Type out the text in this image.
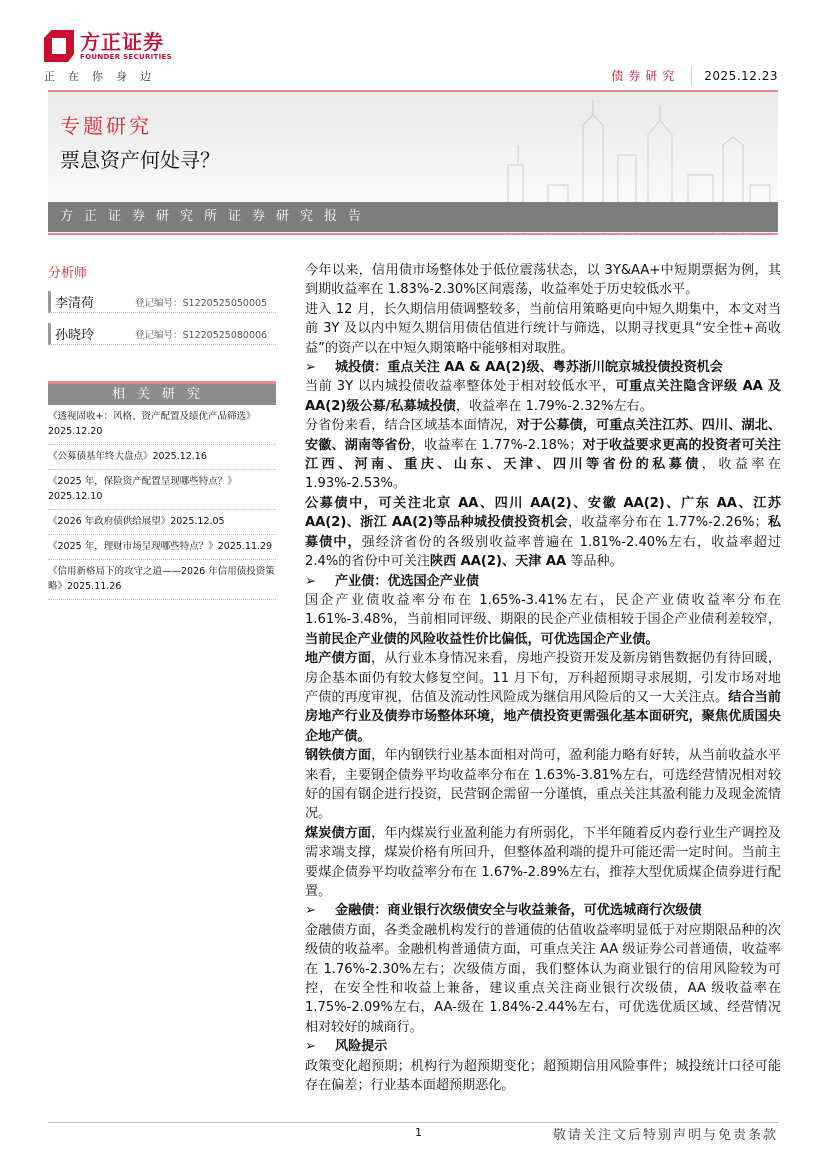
方正证券
FOUNDER SECURITIES
正在你身边	债券研究	2025.12.23
专题研究
票息资产何处寻？
方正证券研究所证券研究报告
分析师
李清荷	登记编号：S1220525050005
孙晓玲	登记编号：S1220525080006
相关研究
《透视固收+：风格、资产配置及绩优产品筛选》2025.12.20
《公募债基年终大盘点》2025.12.16
《2025 年，保险资产配置呈现哪些特点？》2025.12.10
《2026 年政府债供给展望》2025.12.05
《2025 年，理财市场呈现哪些特点？》2025.11.29
《信用新格局下的攻守之道——2026 年信用债投资策略》2025.11.26

今年以来，信用债市场整体处于低位震荡状态，以 3Y&AA+中短期票据为例，其到期收益率在 1.83%-2.30%区间震荡，收益率处于历史较低水平。

进入 12 月，长久期信用债调整较多，当前信用策略更向中短久期集中，本文对当前 3Y 及以内中短久期信用债估值进行统计与筛选，以期寻找更具“安全性+高收益”的资产以在中短久期策略中能够相对取胜。

➢	城投债：重点关注 AA & AA(2)级、粤苏浙川皖京城投债投资机会

当前 3Y 以内城投债收益率整体处于相对较低水平，可重点关注隐含评级 AA 及 AA(2)级公募/私募城投债，收益率在 1.79%-2.32%左右。

分省份来看，结合区域基本面情况，对于公募债，可重点关注江苏、四川、湖北、安徽、湖南等省份，收益率在 1.77%-2.18%；对于收益要求更高的投资者可关注江西、河南、重庆、山东、天津、四川等省份的私募债，收益率在 1.93%-2.53%。

公募债中，可关注北京 AA、四川 AA(2)、安徽 AA(2)、广东 AA、江苏 AA(2)、浙江 AA(2)等品种城投债投资机会，收益率分布在 1.77%-2.26%；私募债中，强经济省份的各级别收益率普遍在 1.81%-2.40%左右，收益率超过 2.4%的省份中可关注陕西 AA(2)、天津 AA 等品种。

➢	产业债：优选国企产业债

国企产业债收益率分布在 1.65%-3.41%左右，民企产业债收益率分布在 1.61%-3.48%，当前相同评级、期限的民企产业债相较于国企产业债利差较窄，当前民企产业债的风险收益性价比偏低，可优选国企产业债。

地产债方面，从行业本身情况来看，房地产投资开发及新房销售数据仍有待回暖，房企基本面仍有较大修复空间。11 月下旬，万科超预期寻求展期，引发市场对地产债的再度审视，估值及流动性风险成为继信用风险后的又一大关注点。结合当前房地产行业及债券市场整体环境，地产债投资更需强化基本面研究，聚焦优质国央企地产债。

钢铁债方面，年内钢铁行业基本面相对尚可，盈利能力略有好转，从当前收益水平来看，主要钢企债券平均收益率分布在 1.63%-3.81%左右，可选经营情况相对较好的国有钢企进行投资，民营钢企需留一分谨慎，重点关注其盈利能力及现金流情况。

煤炭债方面，年内煤炭行业盈利能力有所弱化，下半年随着反内卷行业生产调控及需求端支撑，煤炭价格有所回升，但整体盈利端的提升可能还需一定时间。当前主要煤企债券平均收益率分布在 1.67%-2.89%左右，推荐大型优质煤企债券进行配置。

➢	金融债：商业银行次级债安全与收益兼备，可优选城商行次级债

金融债方面，各类金融机构发行的普通债的估值收益率明显低于对应期限品种的次级债的收益率。金融机构普通债方面，可重点关注 AA 级证券公司普通债，收益率在 1.76%-2.30%左右；次级债方面，我们整体认为商业银行的信用风险较为可控，在安全性和收益上兼备，建议重点关注商业银行次级债，AA 级收益率在 1.75%-2.09%左右，AA-级在 1.84%-2.44%左右，可优选优质区域、经营情况相对较好的城商行。

➢	风险提示

政策变化超预期；机构行为超预期变化；超预期信用风险事件；城投统计口径可能存在偏差；行业基本面超预期恶化。

1	敬请关注文后特别声明与免责条款
